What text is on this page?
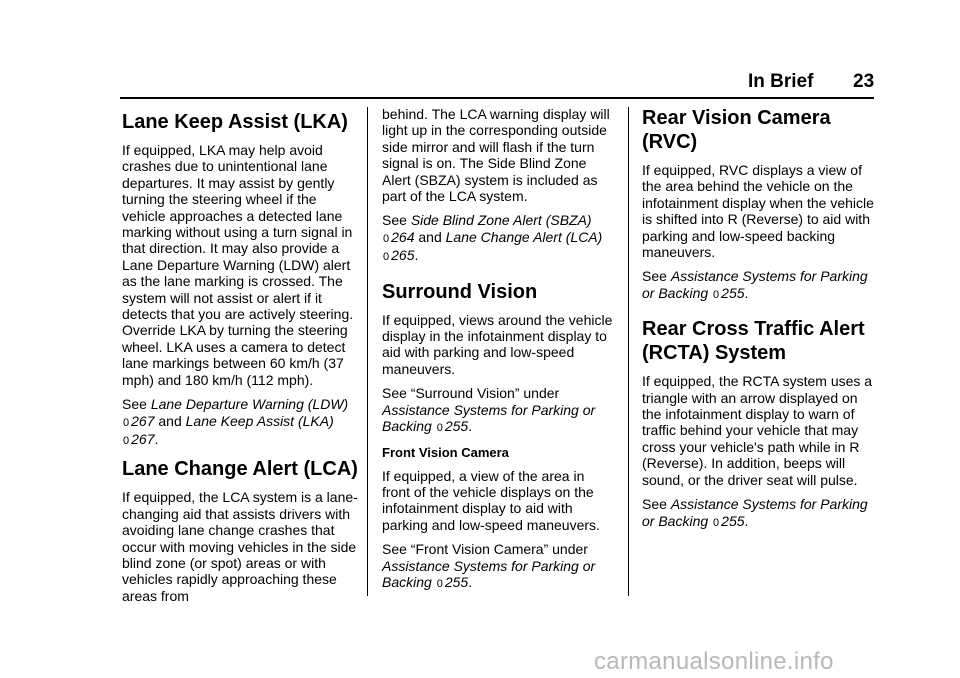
In Brief 23
Lane Keep Assist (LKA)

If equipped, LKA may help avoid crashes due to unintentional lane departures. It may assist by gently turning the steering wheel if the vehicle approaches a detected lane marking without using a turn signal in that direction. It may also provide a Lane Departure Warning (LDW) alert as the lane marking is crossed. The system will not assist or alert if it detects that you are actively steering. Override LKA by turning the steering wheel. LKA uses a camera to detect lane markings between 60 km/h (37 mph) and 180 km/h (112 mph).

See Lane Departure Warning (LDW) 0 267 and Lane Keep Assist (LKA) 0 267.

Lane Change Alert (LCA)

If equipped, the LCA system is a lane-changing aid that assists drivers with avoiding lane change crashes that occur with moving vehicles in the side blind zone (or spot) areas or with vehicles rapidly approaching these areas from

behind. The LCA warning display will light up in the corresponding outside side mirror and will flash if the turn signal is on. The Side Blind Zone Alert (SBZA) system is included as part of the LCA system.

See Side Blind Zone Alert (SBZA) 0 264 and Lane Change Alert (LCA) 0 265.

Surround Vision

If equipped, views around the vehicle display in the infotainment display to aid with parking and low-speed maneuvers.

See “Surround Vision” under Assistance Systems for Parking or Backing 0 255.

Front Vision Camera

If equipped, a view of the area in front of the vehicle displays on the infotainment display to aid with parking and low-speed maneuvers.

See “Front Vision Camera” under Assistance Systems for Parking or Backing 0 255.

Rear Vision Camera (RVC)

If equipped, RVC displays a view of the area behind the vehicle on the infotainment display when the vehicle is shifted into R (Reverse) to aid with parking and low-speed backing maneuvers.

See Assistance Systems for Parking or Backing 0 255.

Rear Cross Traffic Alert (RCTA) System

If equipped, the RCTA system uses a triangle with an arrow displayed on the infotainment display to warn of traffic behind your vehicle that may cross your vehicle's path while in R (Reverse). In addition, beeps will sound, or the driver seat will pulse.

See Assistance Systems for Parking or Backing 0 255.

carmanualsonline.info
